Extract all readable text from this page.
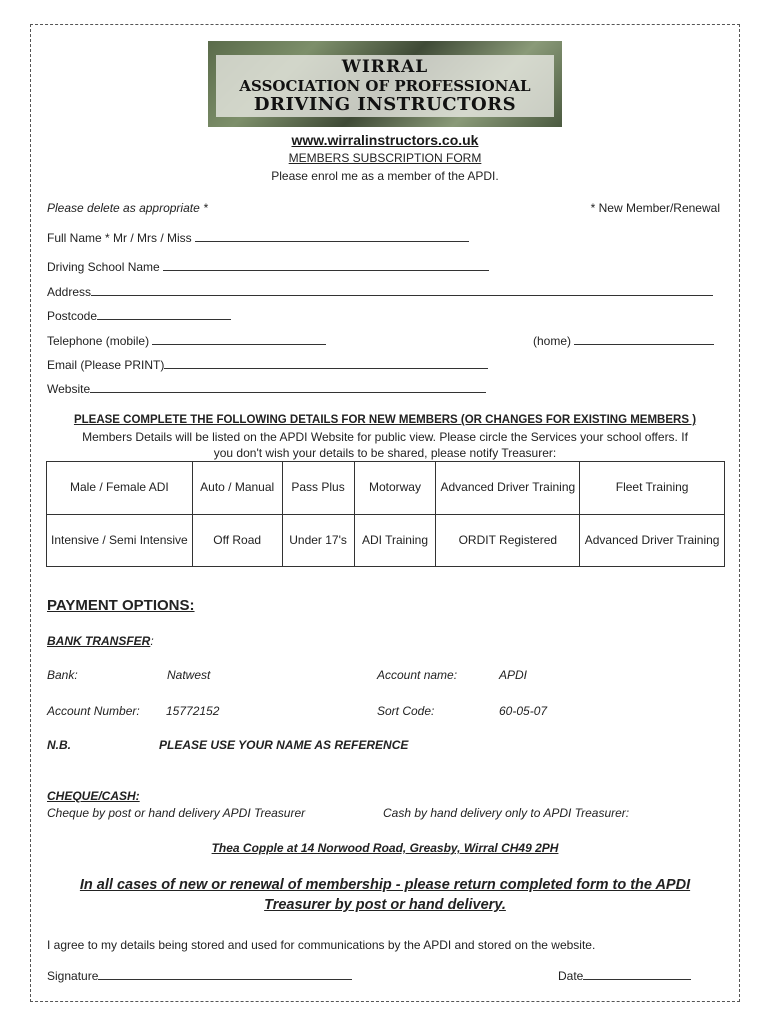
WIRRAL
ASSOCIATION OF PROFESSIONAL
DRIVING INSTRUCTORS
www.wirralinstructors.co.uk
MEMBERS SUBSCRIPTION FORM
Please enrol me as a member of the APDI.
Please delete as appropriate *	* New Member/Renewal
Full Name * Mr / Mrs / Miss
Driving School Name
Address
Postcode
Telephone (mobile)	(home)
Email (Please PRINT)
Website
PLEASE COMPLETE THE FOLLOWING DETAILS FOR NEW MEMBERS (OR CHANGES FOR EXISTING MEMBERS )
Members Details will be listed on the APDI Website for public view. Please circle the Services your school offers. If
you don't wish your details to be shared, please notify Treasurer:
Male / Female ADI	Auto / Manual	Pass Plus	Motorway	Advanced Driver Training	Fleet Training
Intensive / Semi Intensive	Off Road	Under 17's	ADI Training	ORDIT Registered	Advanced Driver Training
PAYMENT OPTIONS:
BANK TRANSFER:
Bank:	Natwest	Account name:	APDI
Account Number: 15772152	Sort Code:	60-05-07
N.B.	PLEASE USE YOUR NAME AS REFERENCE
CHEQUE/CASH:
Cheque by post or hand delivery APDI Treasurer	Cash by hand delivery only to APDI Treasurer:
Thea Copple at 14 Norwood Road, Greasby, Wirral CH49 2PH
In all cases of new or renewal of membership - please return completed form to the APDI
Treasurer by post or hand delivery.
I agree to my details being stored and used for communications by the APDI and stored on the website.
Signature	Date
